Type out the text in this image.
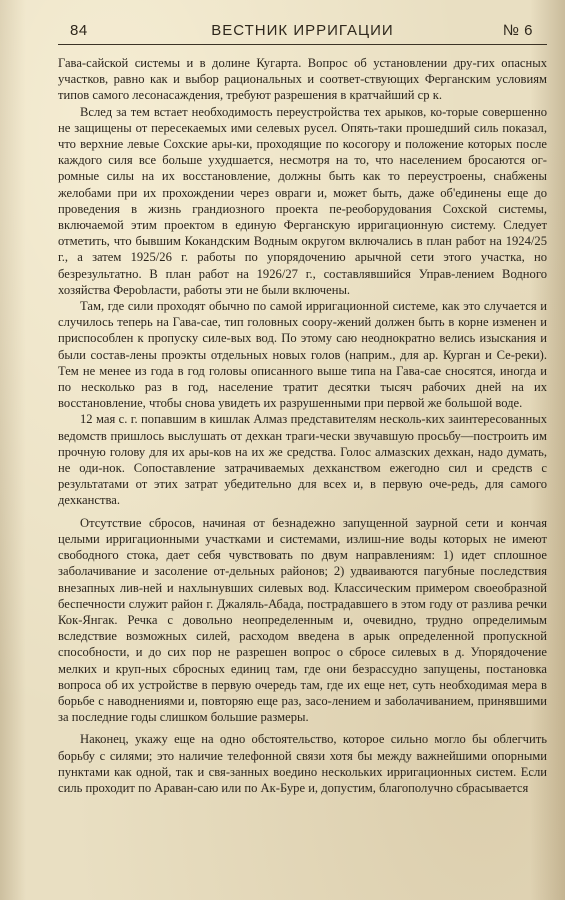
84	ВЕСТНИК ИРРИГАЦИИ	№ 6

Гава-сайской системы и в долине Кугарта. Вопрос об установлении дру-гих опасных участков, равно как и выбор рациональных и соответ-ствующих Ферганским условиям типов самого лесонасаждения, требуют разрешения в кратчайший ср к.

Вслед за тем встает необходимость переустройства тех арыков, ко-торые совершенно не защищены от пересекаемых ими селевых русел. Опять-таки прошедший силь показал, что верхние левые Сохские ары-ки, проходящие по косогору и положение которых после каждого силя все больше ухудшается, несмотря на то, что населением бросаются ог-ромные силы на их восстановление, должны быть как то переустроены, снабжены желобами при их прохождении через овраги и, может быть, даже об'единены еще до проведения в жизнь грандиозного проекта пе-реоборудования Сохской системы, включаемой этим проектом в единую Ферганскую ирригационную систему. Следует отметить, что бывшим Кокандским Водным округом включались в план работ на 1924/25 г., а затем 1925/26 г. работы по упорядочению арычной сети этого участка, но безрезультатно. В план работ на 1926/27 г., составлявшийся Управ-лением Водного хозяйства Ферobласти, работы эти не были включены.

Там, где сили проходят обычно по самой ирригационной системе, как это случается и случилось теперь на Гава-сае, тип головных соору-жений должен быть в корне изменен и приспособлен к пропуску силе-вых вод. По этому саю неоднократно велись изыскания и были состав-лены проэкты отдельных новых голов (наприм., для ар. Курган и Се-реки). Тем не менее из года в год головы описанного выше типа на Гава-сае сносятся, иногда и по несколько раз в год, население тратит десятки тысяч рабочих дней на их восстановление, чтобы снова увидеть их разрушенными при первой же большой воде.

12 мая с. г. попавшим в кишлак Алмаз представителям несколь-ких заинтересованных ведомств пришлось выслушать от дехкан траги-чески звучавшую просьбу—построить им прочную голову для их ары-ков на их же средства. Голос алмазских дехкан, надо думать, не оди-нок. Сопоставление затрачиваемых дехканством ежегодно сил и средств с результатами от этих затрат убедительно для всех и, в первую оче-редь, для самого дехканства.

Отсутствие сбросов, начиная от безнадежно запущенной заурной сети и кончая целыми ирригационными участками и системами, излиш-ние воды которых не имеют свободного стока, дает себя чувствовать по двум направлениям: 1) идет сплошное заболачивание и засоление от-дельных районов; 2) удваиваются пагубные последствия внезапных лив-ней и нахлынувших силевых вод. Классическим примером своеобразной беспечности служит район г. Джаляль-Абада, пострадавшего в этом году от разлива речки Кок-Янгак. Речка с довольно неопределенным и, очевидно, трудно определимым вследствие возможных силей, расходом введена в арык определенной пропускной способности, и до сих пор не разрешен вопрос о сбросе силевых в д. Упорядочение мелких и круп-ных сбросных единиц там, где они безрассудно запущены, постановка вопроса об их устройстве в первую очередь там, где их еще нет, суть необходимая мера в борьбе с наводнениями и, повторяю еще раз, засо-лением и заболачиванием, принявшими за последние годы слишком большие размеры.

Наконец, укажу еще на одно обстоятельство, которое сильно могло бы облегчить борьбу с силями; это наличие телефонной связи хотя бы между важнейшими опорными пунктами как одной, так и свя-занных воедино нескольких ирригационных систем. Если силь проходит по Араван-саю или по Ак-Буре и, допустим, благополучно сбрасывается
